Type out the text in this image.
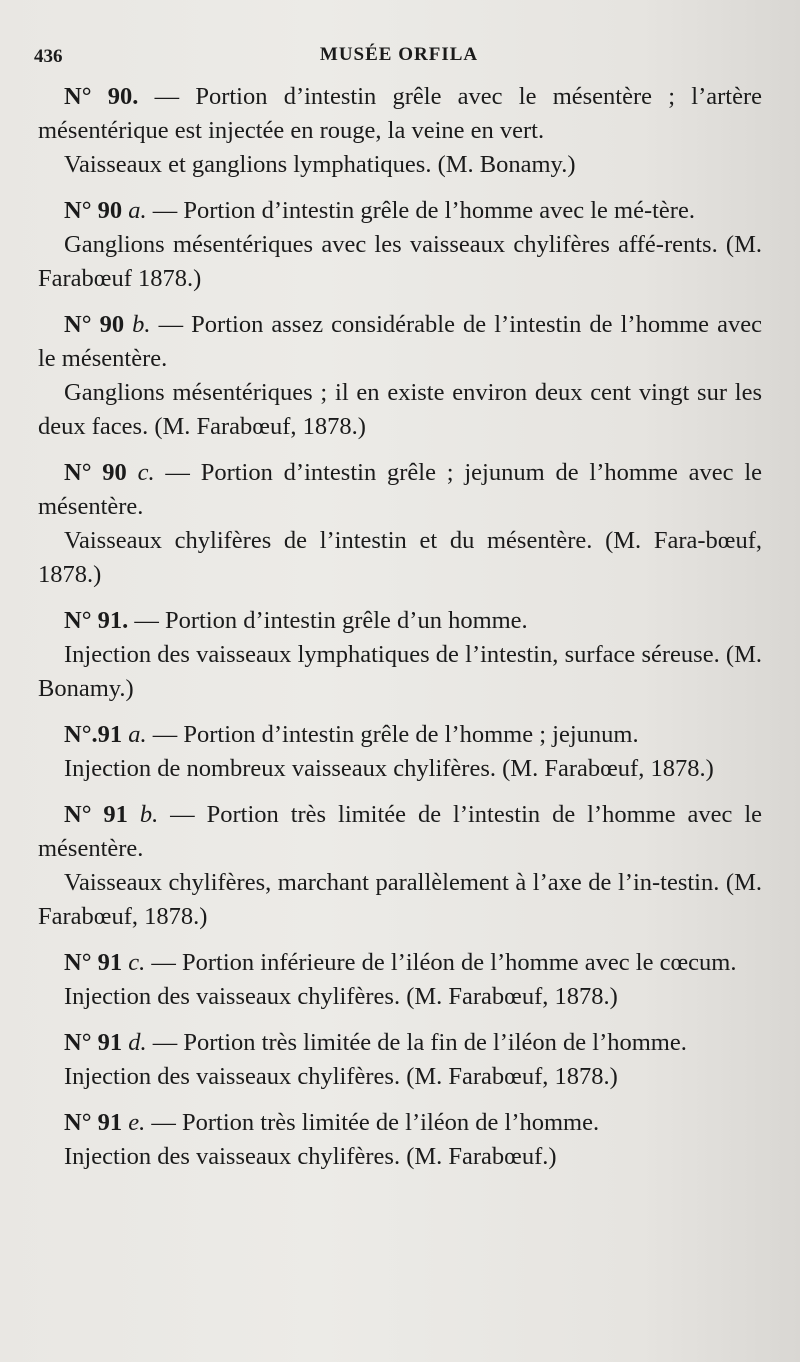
436	MUSÉE ORFILA

N° 90. — Portion d’intestin grêle avec le mésentère ; l’artère mésentérique est injectée en rouge, la veine en vert.

Vaisseaux et ganglions lymphatiques. (M. Bonamy.)

N° 90 a. — Portion d’intestin grêle de l’homme avec le mé-tère.

Ganglions mésentériques avec les vaisseaux chylifères affé-rents. (M. Farabœuf 1878.)

N° 90 b. — Portion assez considérable de l’intestin de l’homme avec le mésentère.

Ganglions mésentériques ; il en existe environ deux cent vingt sur les deux faces. (M. Farabœuf, 1878.)

N° 90 c. — Portion d’intestin grêle ; jejunum de l’homme avec le mésentère.

Vaisseaux chylifères de l’intestin et du mésentère. (M. Fara-bœuf, 1878.)

N° 91. — Portion d’intestin grêle d’un homme.

Injection des vaisseaux lymphatiques de l’intestin, surface séreuse. (M. Bonamy.)

N°.91 a. — Portion d’intestin grêle de l’homme ; jejunum.

Injection de nombreux vaisseaux chylifères. (M. Farabœuf, 1878.)

N° 91 b. — Portion très limitée de l’intestin de l’homme avec le mésentère.

Vaisseaux chylifères, marchant parallèlement à l’axe de l’in-testin. (M. Farabœuf, 1878.)

N° 91 c. — Portion inférieure de l’iléon de l’homme avec le cœcum.

Injection des vaisseaux chylifères. (M. Farabœuf, 1878.)

N° 91 d. — Portion très limitée de la fin de l’iléon de l’homme.

Injection des vaisseaux chylifères. (M. Farabœuf, 1878.)

N° 91 e. — Portion très limitée de l’iléon de l’homme.

Injection des vaisseaux chylifères. (M. Farabœuf.)
